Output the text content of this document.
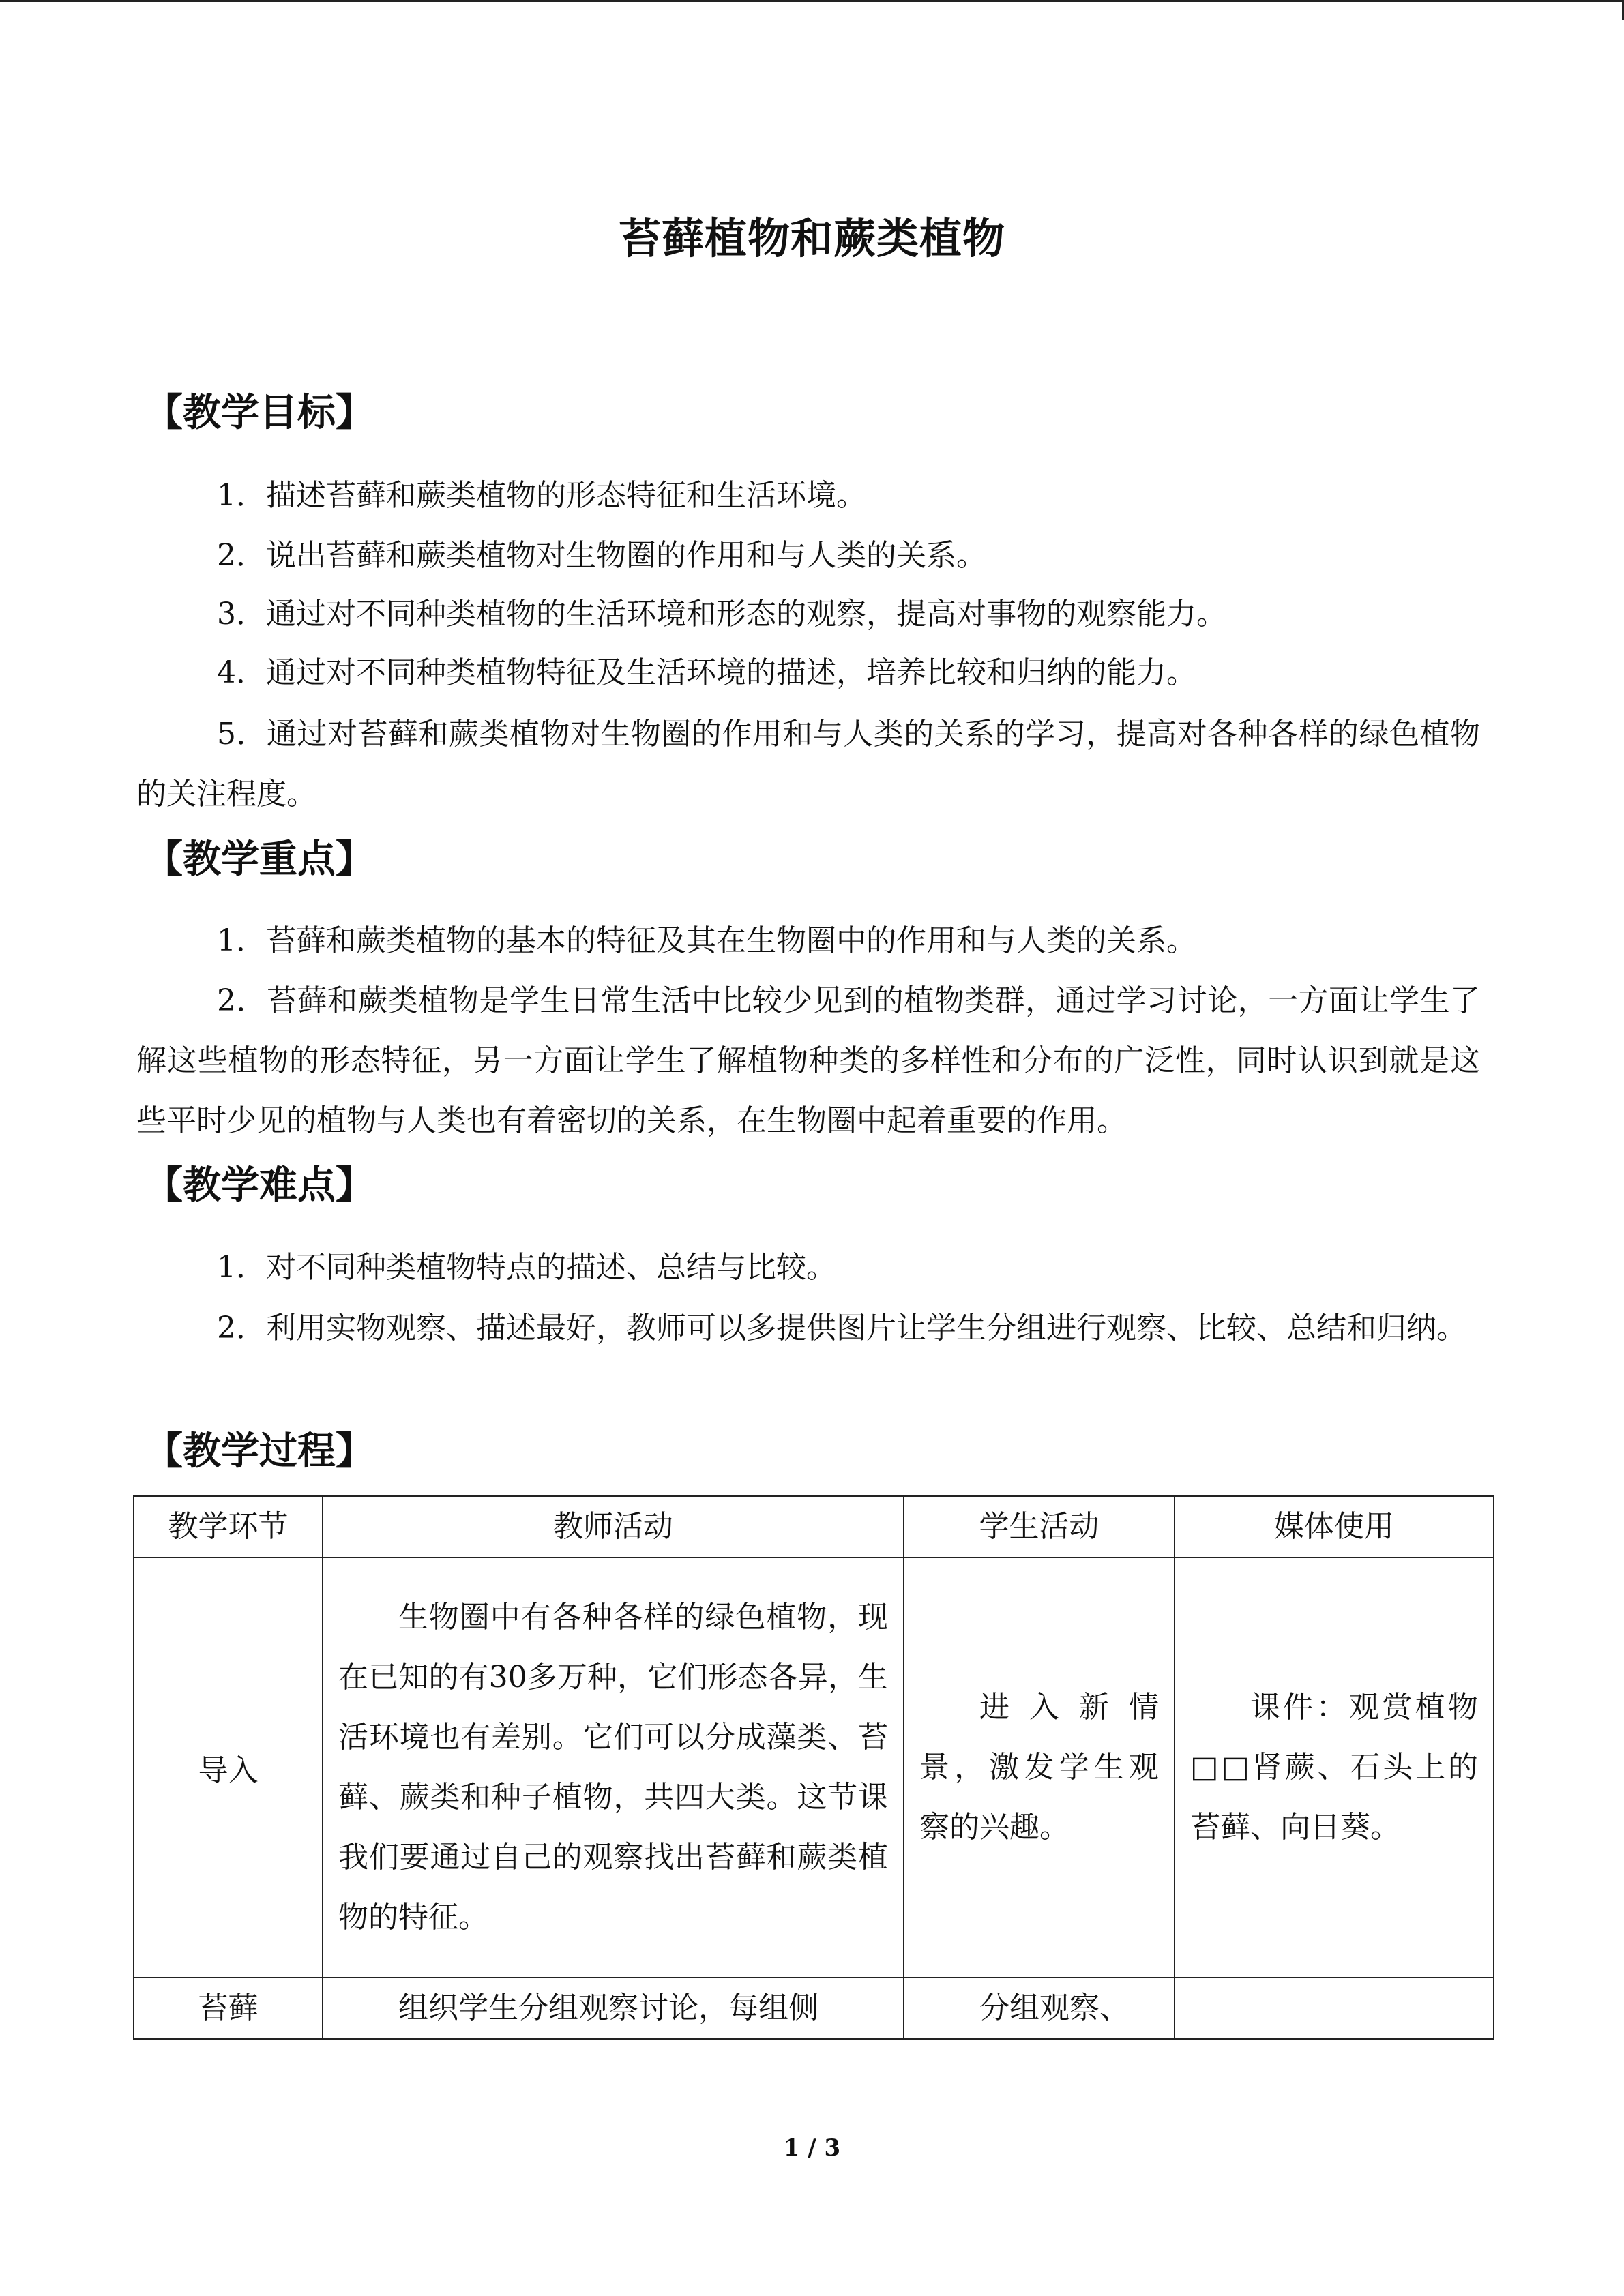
苔藓植物和蕨类植物
【教学目标】

1．描述苔藓和蕨类植物的形态特征和生活环境。

2．说出苔藓和蕨类植物对生物圈的作用和与人类的关系。

3．通过对不同种类植物的生活环境和形态的观察，提高对事物的观察能力。

4．通过对不同种类植物特征及生活环境的描述，培养比较和归纳的能力。

5．通过对苔藓和蕨类植物对生物圈的作用和与人类的关系的学习，提高对各种各样的绿色植物的关注程度。

【教学重点】

1．苔藓和蕨类植物的基本的特征及其在生物圈中的作用和与人类的关系。

2．苔藓和蕨类植物是学生日常生活中比较少见到的植物类群，通过学习讨论，一方面让学生了解这些植物的形态特征，另一方面让学生了解植物种类的多样性和分布的广泛性，同时认识到就是这些平时少见的植物与人类也有着密切的关系，在生物圈中起着重要的作用。

【教学难点】

1．对不同种类植物特点的描述、总结与比较。

2．利用实物观察、描述最好，教师可以多提供图片让学生分组进行观察、比较、总结和归纳。

【教学过程】
教学环节	教师活动	学生活动	媒体使用
导入	生物圈中有各种各样的绿色植物，现在已知的有30多万种，它们形态各异，生活环境也有差别。它们可以分成藻类、苔藓、蕨类和种子植物，共四大类。这节课我们要通过自己的观察找出苔藓和蕨类植物的特征。	进入新情景，激发学生观察的兴趣。	课件：观赏植物□□肾蕨、石头上的苔藓、向日葵。
苔藓	组织学生分组观察讨论，每组侧	分组观察、	
1 / 3
